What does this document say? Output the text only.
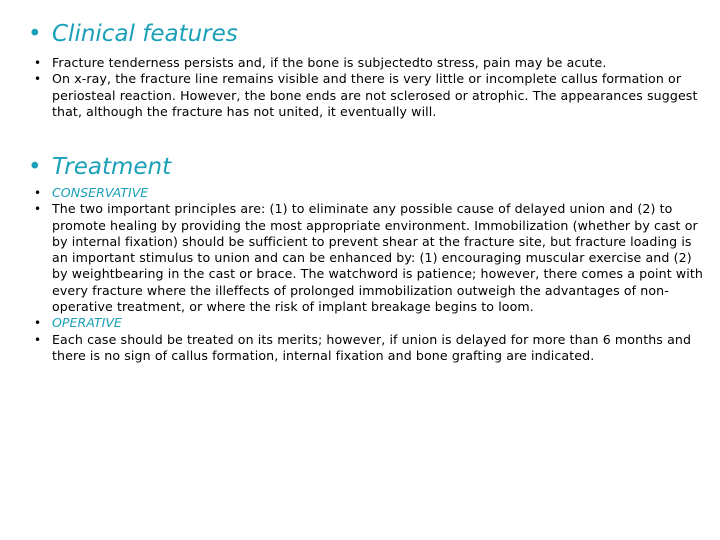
• Clinical features
• Fracture tenderness persists and, if the bone is subjectedto stress, pain may be acute.
• On x-ray, the fracture line remains visible and there is very little or incomplete callus formation or periosteal reaction. However, the bone ends are not sclerosed or atrophic. The appearances suggest that, although the fracture has not united, it eventually will.
• Treatment
• CONSERVATIVE
• The two important principles are: (1) to eliminate any possible cause of delayed union and (2) to promote healing by providing the most appropriate environment. Immobilization (whether by cast or by internal fixation) should be sufficient to prevent shear at the fracture site, but fracture loading is an important stimulus to union and can be enhanced by: (1) encouraging muscular exercise and (2) by weightbearing in the cast or brace. The watchword is patience; however, there comes a point with every fracture where the illeffects of prolonged immobilization outweigh the advantages of non-operative treatment, or where the risk of implant breakage begins to loom.
• OPERATIVE
• Each case should be treated on its merits; however, if union is delayed for more than 6 months and there is no sign of callus formation, internal fixation and bone grafting are indicated.
